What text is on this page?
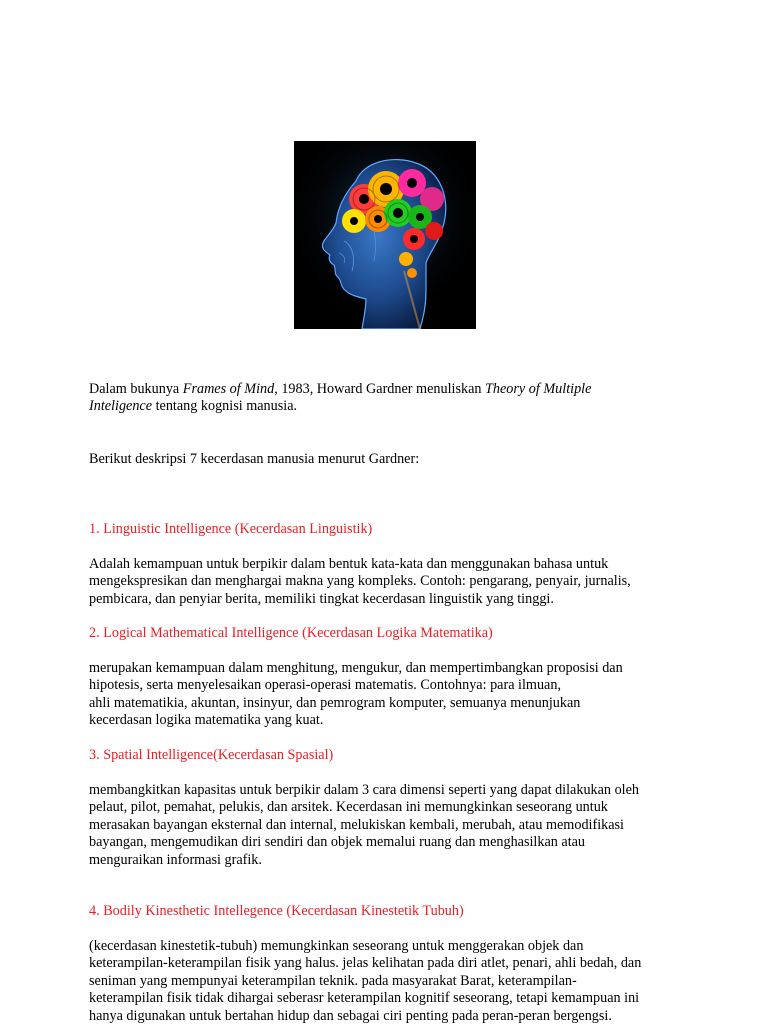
Dalam bukunya Frames of Mind, 1983, Howard Gardner menuliskan Theory of Multiple
Inteligence tentang kognisi manusia.

Berikut deskripsi 7 kecerdasan manusia menurut Gardner:

1. Linguistic Intelligence (Kecerdasan Linguistik)

Adalah kemampuan untuk berpikir dalam bentuk kata-kata dan menggunakan bahasa untuk
mengekspresikan dan menghargai makna yang kompleks. Contoh: pengarang, penyair, jurnalis,
pembicara, dan penyiar berita, memiliki tingkat kecerdasan linguistik yang tinggi.

2. Logical Mathematical Intelligence (Kecerdasan Logika Matematika)

merupakan kemampuan dalam menghitung, mengukur, dan mempertimbangkan proposisi dan
hipotesis, serta menyelesaikan operasi-operasi matematis. Contohnya: para ilmuan,
ahli matematikia, akuntan, insinyur, dan pemrogram komputer, semuanya menunjukan
kecerdasan logika matematika yang kuat.

3. Spatial Intelligence(Kecerdasan Spasial)

membangkitkan kapasitas untuk berpikir dalam 3 cara dimensi seperti yang dapat dilakukan oleh
pelaut, pilot, pemahat, pelukis, dan arsitek. Kecerdasan ini memungkinkan seseorang untuk
merasakan bayangan eksternal dan internal, melukiskan kembali, merubah, atau memodifikasi
bayangan, mengemudikan diri sendiri dan objek memalui ruang dan menghasilkan atau
menguraikan informasi grafik.

4. Bodily Kinesthetic Intellegence (Kecerdasan Kinestetik Tubuh)

(kecerdasan kinestetik-tubuh) memungkinkan seseorang untuk menggerakan objek dan
keterampilan-keterampilan fisik yang halus. jelas kelihatan pada diri atlet, penari, ahli bedah, dan
seniman yang mempunyai keterampilan teknik. pada masyarakat Barat, keterampilan-
keterampilan fisik tidak dihargai seberasr keterampilan kognitif seseorang, tetapi kemampuan ini
hanya digunakan untuk bertahan hidup dan sebagai ciri penting pada peran-peran bergengsi.
